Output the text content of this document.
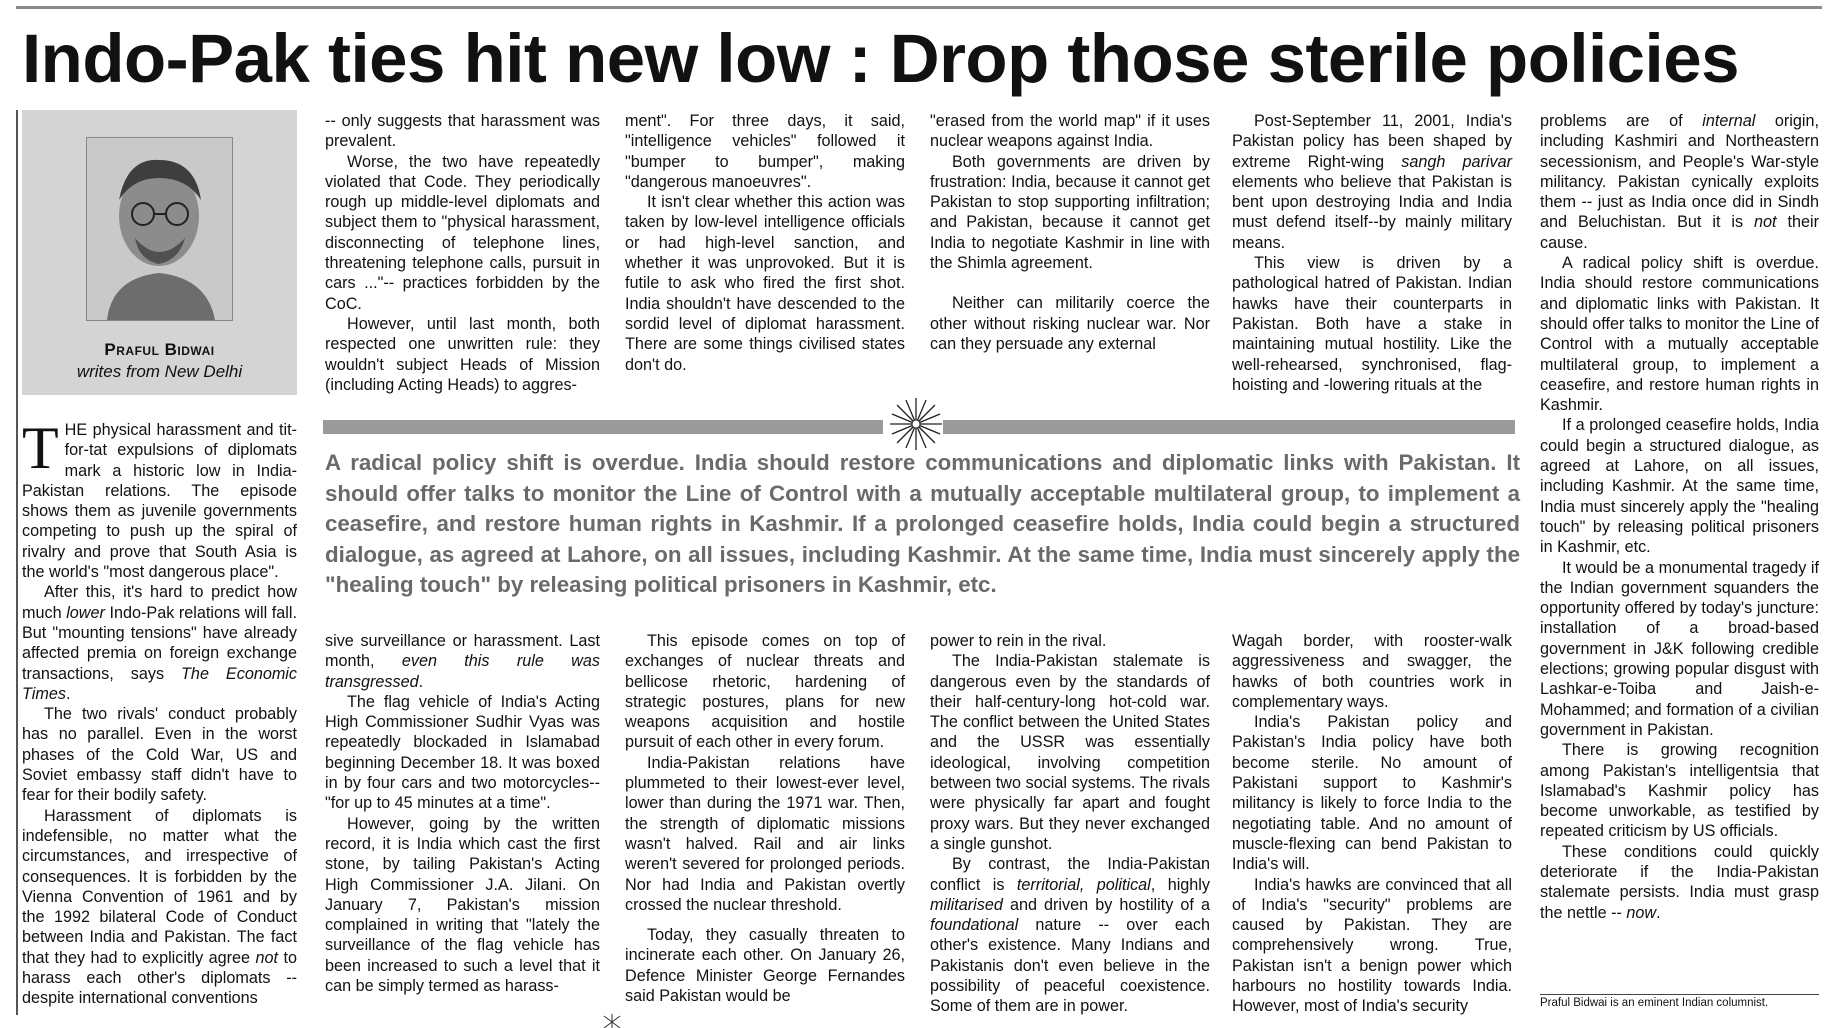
Indo-Pak ties hit new low : Drop those sterile policies

Praful Bidwai

writes from New Delhi

THE physical harassment and tit-for-tat expulsions of diplomats mark a historic low in India-Pakistan relations. The episode shows them as juvenile governments competing to push up the spiral of rivalry and prove that South Asia is the world's "most dangerous place".

After this, it's hard to predict how much lower Indo-Pak relations will fall. But "mounting tensions" have already affected premia on foreign exchange transactions, says The Economic Times.

The two rivals' conduct probably has no parallel. Even in the worst phases of the Cold War, US and Soviet embassy staff didn't have to fear for their bodily safety.

Harassment of diplomats is indefensible, no matter what the circumstances, and irrespective of consequences. It is forbidden by the Vienna Convention of 1961 and by the 1992 bilateral Code of Conduct between India and Pakistan. The fact that they had to explicitly agree not to harass each other's diplomats -- despite international conventions

-- only suggests that harassment was prevalent.

Worse, the two have repeatedly violated that Code. They periodically rough up middle-level diplomats and subject them to "physical harassment, disconnecting of telephone lines, threatening telephone calls, pursuit in cars ..."-- practices forbidden by the CoC.

However, until last month, both respected one unwritten rule: they wouldn't subject Heads of Mission (including Acting Heads) to aggres-

ment". For three days, it said, "intelligence vehicles" followed it "bumper to bumper", making "dangerous manoeuvres".

It isn't clear whether this action was taken by low-level intelligence officials or had high-level sanction, and whether it was unprovoked. But it is futile to ask who fired the first shot. India shouldn't have descended to the sordid level of diplomat harassment. There are some things civilised states don't do.

"erased from the world map" if it uses nuclear weapons against India.

Both governments are driven by frustration: India, because it cannot get Pakistan to stop supporting infiltration; and Pakistan, because it cannot get India to negotiate Kashmir in line with the Shimla agreement.

Neither can militarily coerce the other without risking nuclear war. Nor can they persuade any external

Post-September 11, 2001, India's Pakistan policy has been shaped by extreme Right-wing sangh parivar elements who believe that Pakistan is bent upon destroying India and India must defend itself--by mainly military means.

This view is driven by a pathological hatred of Pakistan. Indian hawks have their counterparts in Pakistan. Both have a stake in maintaining mutual hostility. Like the well-rehearsed, synchronised, flag-hoisting and -lowering rituals at the

A radical policy shift is overdue. India should restore communications and diplomatic links with Pakistan. It should offer talks to monitor the Line of Control with a mutually acceptable multilateral group, to implement a ceasefire, and restore human rights in Kashmir. If a prolonged ceasefire holds, India could begin a structured dialogue, as agreed at Lahore, on all issues, including Kashmir. At the same time, India must sincerely apply the "healing touch" by releasing political prisoners in Kashmir, etc.

sive surveillance or harassment. Last month, even this rule was transgressed.

The flag vehicle of India's Acting High Commissioner Sudhir Vyas was repeatedly blockaded in Islamabad beginning December 18. It was boxed in by four cars and two motorcycles--"for up to 45 minutes at a time".

However, going by the written record, it is India which cast the first stone, by tailing Pakistan's Acting High Commissioner J.A. Jilani. On January 7, Pakistan's mission complained in writing that "lately the surveillance of the flag vehicle has been increased to such a level that it can be simply termed as harass-

This episode comes on top of exchanges of nuclear threats and bellicose rhetoric, hardening of strategic postures, plans for new weapons acquisition and hostile pursuit of each other in every forum.

India-Pakistan relations have plummeted to their lowest-ever level, lower than during the 1971 war. Then, the strength of diplomatic missions wasn't halved. Rail and air links weren't severed for prolonged periods. Nor had India and Pakistan overtly crossed the nuclear threshold.

Today, they casually threaten to incinerate each other. On January 26, Defence Minister George Fernandes said Pakistan would be

power to rein in the rival.

The India-Pakistan stalemate is dangerous even by the standards of their half-century-long hot-cold war. The conflict between the United States and the USSR was essentially ideological, involving competition between two social systems. The rivals were physically far apart and fought proxy wars. But they never exchanged a single gunshot.

By contrast, the India-Pakistan conflict is territorial, political, highly militarised and driven by hostility of a foundational nature -- over each other's existence. Many Indians and Pakistanis don't even believe in the possibility of peaceful coexistence. Some of them are in power.

Wagah border, with rooster-walk aggressiveness and swagger, the hawks of both countries work in complementary ways.

India's Pakistan policy and Pakistan's India policy have both become sterile. No amount of Pakistani support to Kashmir's militancy is likely to force India to the negotiating table. And no amount of muscle-flexing can bend Pakistan to India's will.

India's hawks are convinced that all of India's "security" problems are caused by Pakistan. They are comprehensively wrong. True, Pakistan isn't a benign power which harbours no hostility towards India. However, most of India's security

problems are of internal origin, including Kashmiri and Northeastern secessionism, and People's War-style militancy. Pakistan cynically exploits them -- just as India once did in Sindh and Beluchistan. But it is not their cause.

A radical policy shift is overdue. India should restore communications and diplomatic links with Pakistan. It should offer talks to monitor the Line of Control with a mutually acceptable multilateral group, to implement a ceasefire, and restore human rights in Kashmir.

If a prolonged ceasefire holds, India could begin a structured dialogue, as agreed at Lahore, on all issues, including Kashmir. At the same time, India must sincerely apply the "healing touch" by releasing political prisoners in Kashmir, etc.

It would be a monumental tragedy if the Indian government squanders the opportunity offered by today's juncture: installation of a broad-based government in J&K following credible elections; growing popular disgust with Lashkar-e-Toiba and Jaish-e-Mohammed; and formation of a civilian government in Pakistan.

There is growing recognition among Pakistan's intelligentsia that Islamabad's Kashmir policy has become unworkable, as testified by repeated criticism by US officials.

These conditions could quickly deteriorate if the India-Pakistan stalemate persists. India must grasp the nettle -- now.

Praful Bidwai is an eminent Indian columnist.
